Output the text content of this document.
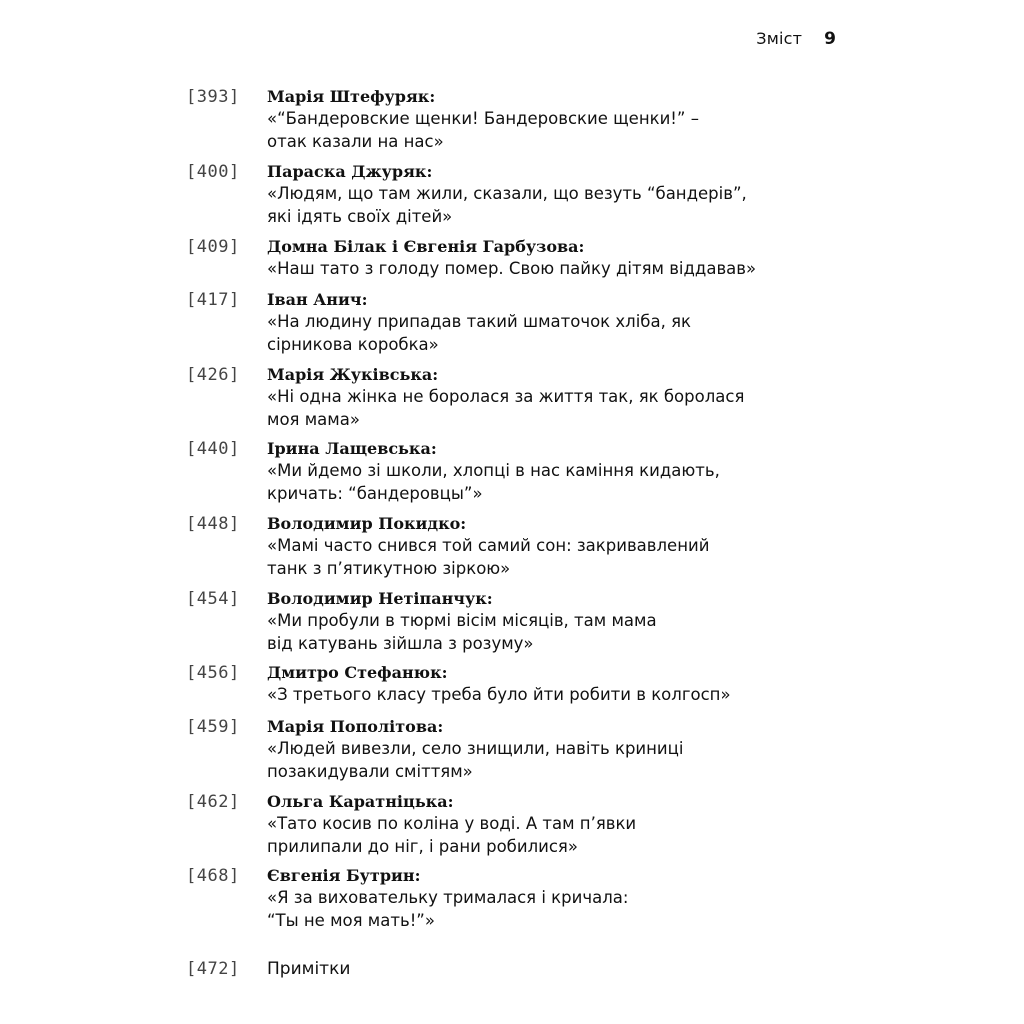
Зміст 9
[393]	Марія Штефуряк:
«“Бандеровские щенки! Бандеровские щенки!” –
отак казали на нас»
[400]	Параска Джуряк:
«Людям, що там жили, сказали, що везуть “бандерів”,
які ідять своїх дітей»
[409]	Домна Білак і Євгенія Гарбузова:
«Наш тато з голоду помер. Свою пайку дітям віддавав»
[417]	Іван Анич:
«На людину припадав такий шматочок хліба, як
сірникова коробка»
[426]	Марія Жуківська:
«Ні одна жінка не боролася за життя так, як боролася
моя мама»
[440]	Ірина Лащевська:
«Ми йдемо зі школи, хлопці в нас каміння кидають,
кричать: “бандеровцы”»
[448]	Володимир Покидко:
«Мамі часто снився той самий сон: закривавлений
танк з п’ятикутною зіркою»
[454]	Володимир Нетіпанчук:
«Ми пробули в тюрмі вісім місяців, там мама
від катувань зійшла з розуму»
[456]	Дмитро Стефанюк:
«З третього класу треба було йти робити в колгосп»
[459]	Марія Пополітова:
«Людей вивезли, село знищили, навіть криниці
позакидували сміттям»
[462]	Ольга Каратніцька:
«Тато косив по коліна у воді. А там п’явки
прилипали до ніг, і рани робилися»
[468]	Євгенія Бутрин:
«Я за вихователькy трималася і кричала:
“Ты не моя мать!”»
[472]	Примітки
